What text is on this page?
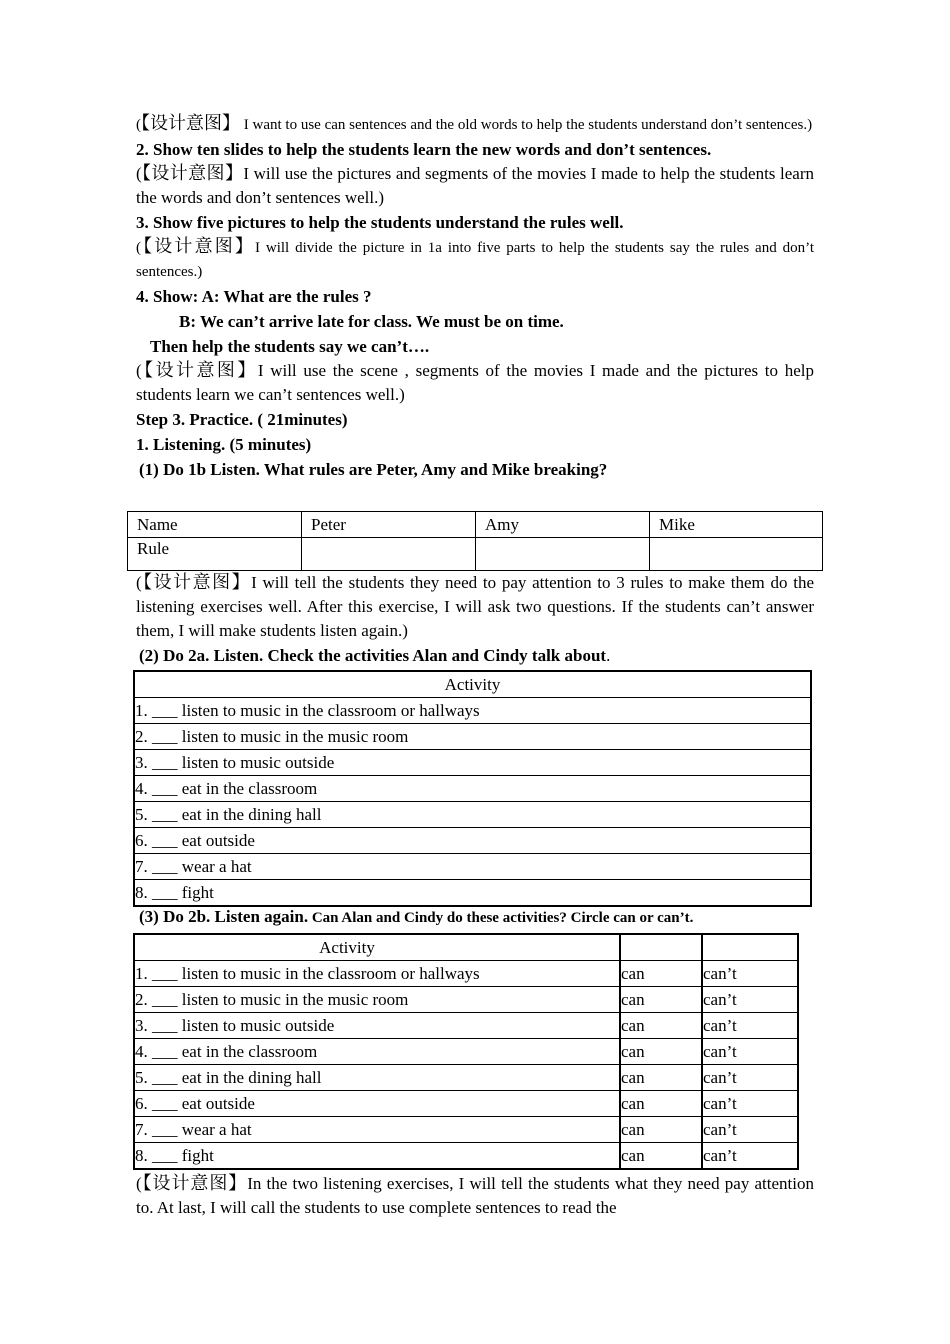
(【设计意图】 I want to use can sentences and the old words to help the students understand don’t sentences.)

2. Show ten slides to help the students learn the new words and don’t sentences.

(【设计意图】I will use the pictures and segments of the movies I made to help the students learn the words and don’t sentences well.)

3. Show five pictures to help the students understand the rules well.

(【设计意图】I will divide the picture in 1a into five parts to help the students say the rules and don’t sentences.)

4. Show: A: What are the rules ?
B: We can’t arrive late for class. We must be on time.
Then help the students say we can’t….

(【设计意图】I will use the scene , segments of the movies I made and the pictures to help students learn we can’t sentences well.)

Step 3. Practice. ( 21minutes)
1. Listening. (5 minutes)
(1) Do 1b Listen. What rules are Peter, Amy and Mike breaking?
Name	Peter	Amy	Mike
Rule			

(【设计意图】I will tell the students they need to pay attention to 3 rules to make them do the listening exercises well. After this exercise, I will ask two questions. If the students can’t answer them, I will make students listen again.)

(2) Do 2a. Listen. Check the activities Alan and Cindy talk about.
Activity
1. ___ listen to music in the classroom or hallways
2. ___ listen to music in the music room
3. ___ listen to music outside
4. ___ eat in the classroom
5. ___ eat in the dining hall
6. ___ eat outside
7. ___ wear a hat
8. ___ fight
(3) Do 2b. Listen again. Can Alan and Cindy do these activities? Circle can or can’t.
Activity		
1. ___ listen to music in the classroom or hallways	can	can’t
2. ___ listen to music in the music room	can	can’t
3. ___ listen to music outside	can	can’t
4. ___ eat in the classroom	can	can’t
5. ___ eat in the dining hall	can	can’t
6. ___ eat outside	can	can’t
7. ___ wear a hat	can	can’t
8. ___ fight	can	can’t

(【设计意图】In the two listening exercises, I will tell the students what they need pay attention to. At last, I will call the students to use complete sentences to read the
